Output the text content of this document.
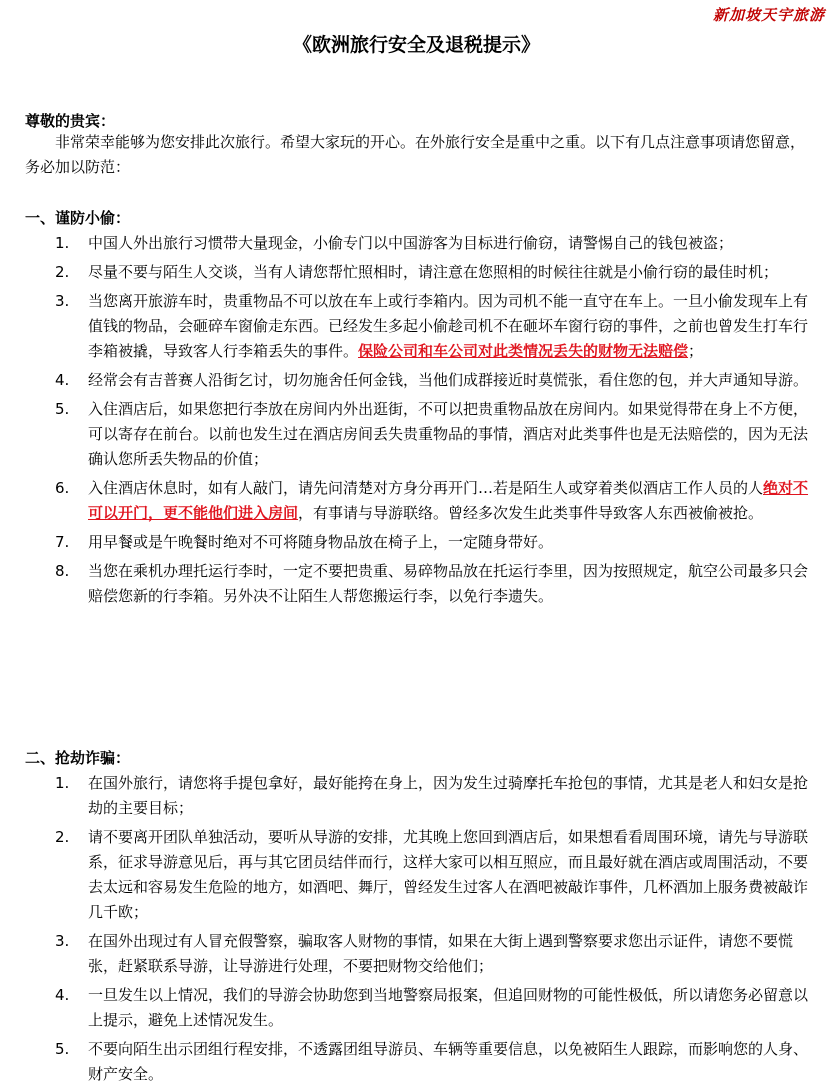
新加坡天宇旅游
《欧洲旅行安全及退税提示》
尊敬的贵宾：

非常荣幸能够为您安排此次旅行。希望大家玩的开心。在外旅行安全是重中之重。以下有几点注意事项请您留意，务必加以防范：

一、谨防小偷：
1. 中国人外出旅行习惯带大量现金，小偷专门以中国游客为目标进行偷窃，请警惕自己的钱包被盗；
2. 尽量不要与陌生人交谈，当有人请您帮忙照相时，请注意在您照相的时候往往就是小偷行窃的最佳时机；
3. 当您离开旅游车时，贵重物品不可以放在车上或行李箱内。因为司机不能一直守在车上。一旦小偷发现车上有值钱的物品，会砸碎车窗偷走东西。已经发生多起小偷趁司机不在砸坏车窗行窃的事件，之前也曾发生打车行李箱被撬，导致客人行李箱丢失的事件。保险公司和车公司对此类情况丢失的财物无法赔偿；
4. 经常会有吉普赛人沿街乞讨，切勿施舍任何金钱，当他们成群接近时莫慌张，看住您的包，并大声通知导游。
5. 入住酒店后，如果您把行李放在房间内外出逛街，不可以把贵重物品放在房间内。如果觉得带在身上不方便，可以寄存在前台。以前也发生过在酒店房间丢失贵重物品的事情，酒店对此类事件也是无法赔偿的，因为无法确认您所丢失物品的价值；
6. 入住酒店休息时，如有人敲门，请先问清楚对方身分再开门…若是陌生人或穿着类似酒店工作人员的人绝对不可以开门，更不能他们进入房间，有事请与导游联络。曾经多次发生此类事件导致客人东西被偷被抢。
7. 用早餐或是午晚餐时绝对不可将随身物品放在椅子上，一定随身带好。
8. 当您在乘机办理托运行李时，一定不要把贵重、易碎物品放在托运行李里，因为按照规定，航空公司最多只会赔偿您新的行李箱。另外决不让陌生人帮您搬运行李，以免行李遗失。
二、抢劫诈骗：
1. 在国外旅行，请您将手提包拿好，最好能挎在身上，因为发生过骑摩托车抢包的事情，尤其是老人和妇女是抢劫的主要目标；
2. 请不要离开团队单独活动，要听从导游的安排，尤其晚上您回到酒店后，如果想看看周围环境，请先与导游联系，征求导游意见后，再与其它团员结伴而行，这样大家可以相互照应，而且最好就在酒店或周围活动，不要去太远和容易发生危险的地方，如酒吧、舞厅，曾经发生过客人在酒吧被敲诈事件，几杯酒加上服务费被敲诈几千欧；
3. 在国外出现过有人冒充假警察，骗取客人财物的事情，如果在大街上遇到警察要求您出示证件，请您不要慌张，赶紧联系导游，让导游进行处理，不要把财物交给他们；
4. 一旦发生以上情况，我们的导游会协助您到当地警察局报案，但追回财物的可能性极低，所以请您务必留意以上提示，避免上述情况发生。
5. 不要向陌生出示团组行程安排，不透露团组导游员、车辆等重要信息，以免被陌生人跟踪，而影响您的人身、财产安全。
